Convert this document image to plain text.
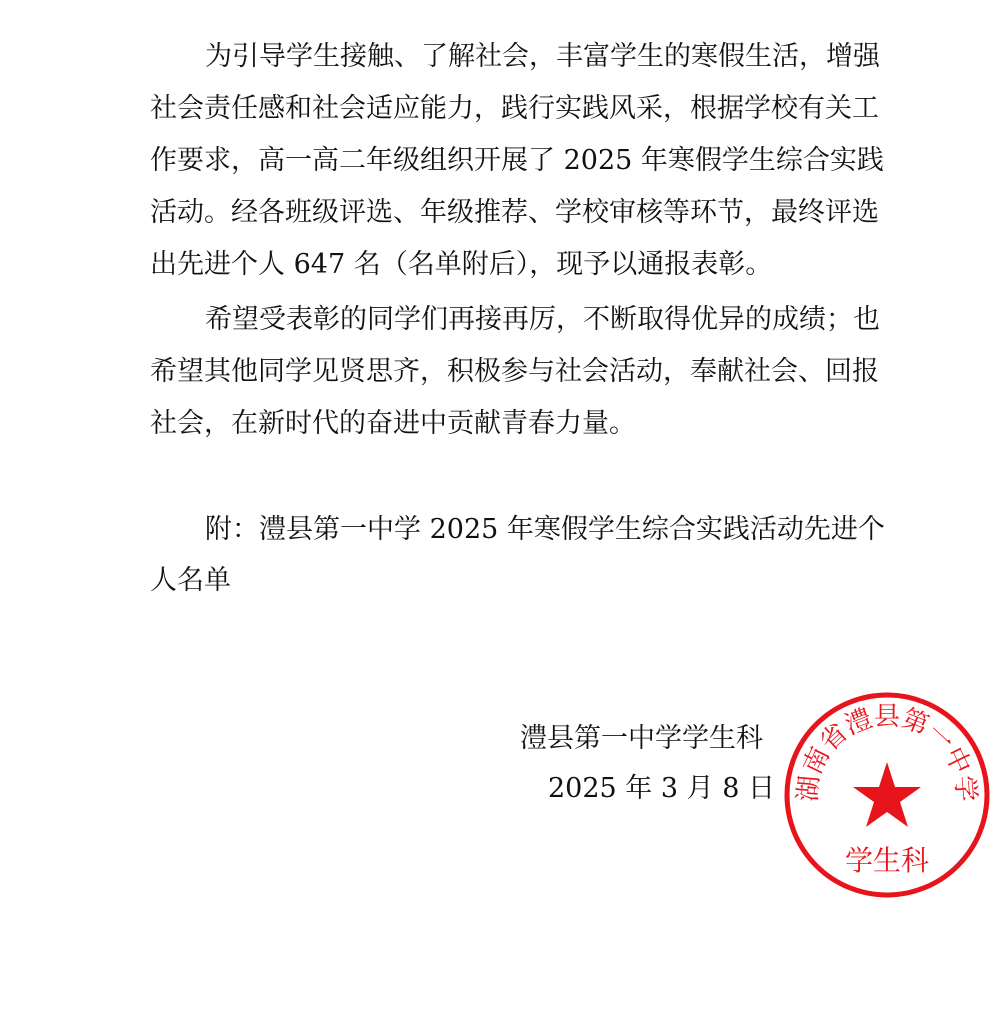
为引导学生接触、了解社会，丰富学生的寒假生活，增强
社会责任感和社会适应能力，践行实践风采，根据学校有关工
作要求，高一高二年级组织开展了 2025 年寒假学生综合实践
活动。经各班级评选、年级推荐、学校审核等环节，最终评选
出先进个人 647 名（名单附后），现予以通报表彰。
希望受表彰的同学们再接再厉，不断取得优异的成绩；也
希望其他同学见贤思齐，积极参与社会活动，奉献社会、回报
社会，在新时代的奋进中贡献青春力量。
附：澧县第一中学 2025 年寒假学生综合实践活动先进个
人名单
澧县第一中学学生科
2025 年 3 月 8 日 湖南省澧县第一中学
学生科
